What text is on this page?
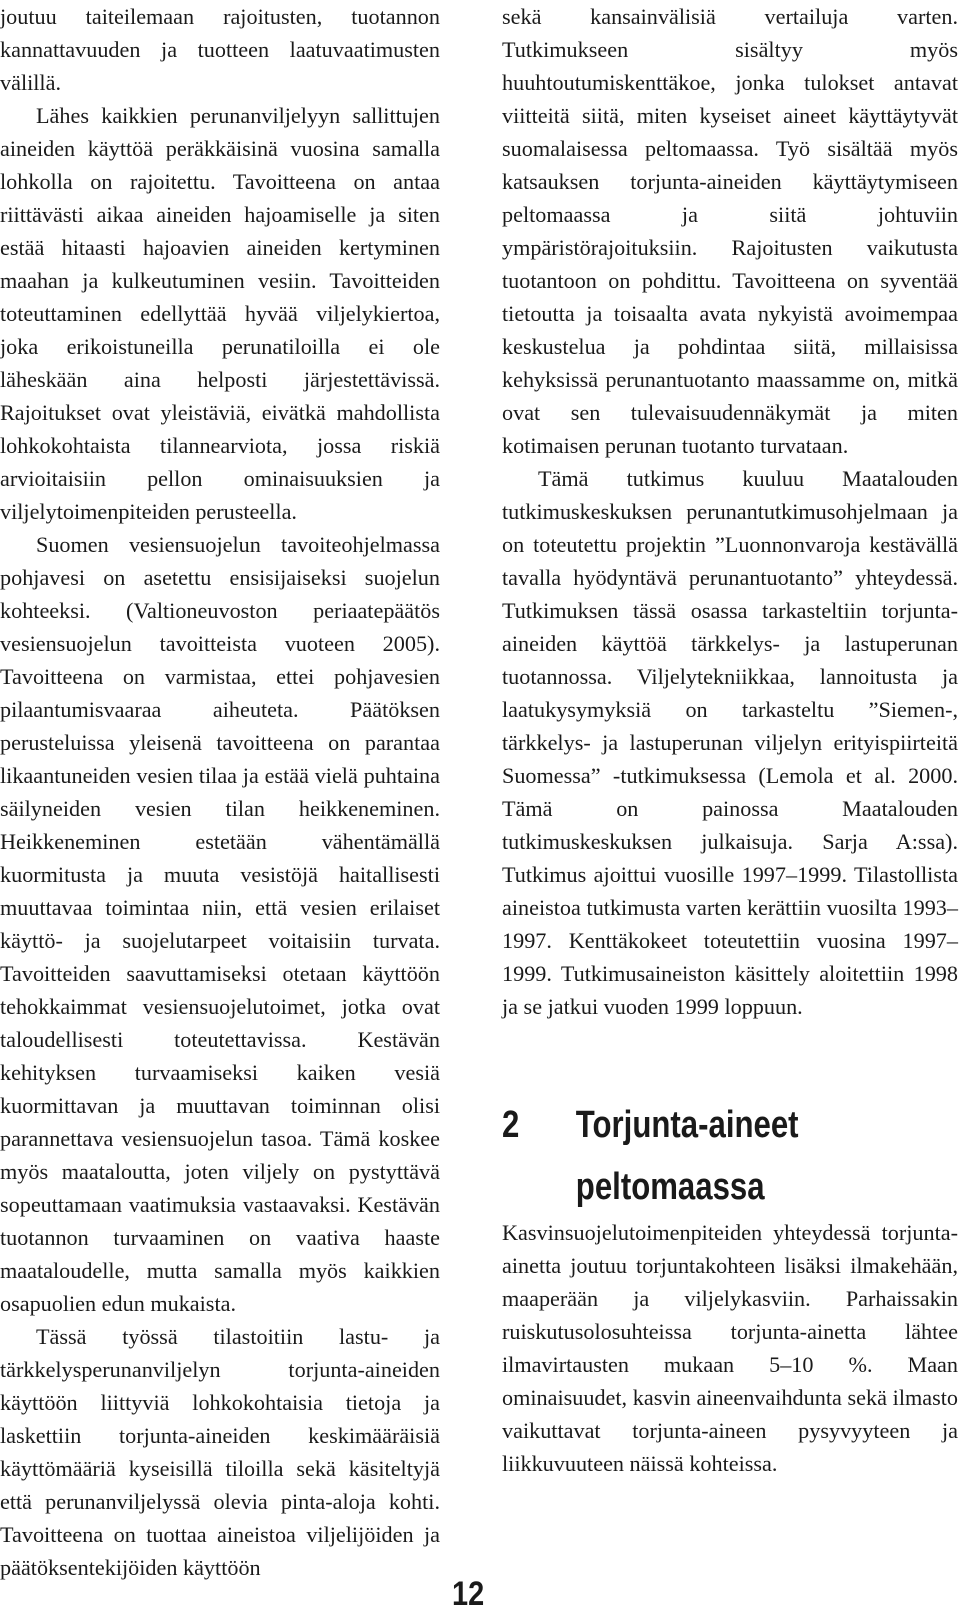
joutuu taiteilemaan rajoitusten, tuotannon kannattavuuden ja tuotteen laatuvaatimusten välillä.

Lähes kaikkien perunanviljelyyn sallittujen aineiden käyttöä peräkkäisinä vuosina samalla lohkolla on rajoitettu. Tavoitteena on antaa riittävästi aikaa aineiden hajoamiselle ja siten estää hitaasti hajoavien aineiden kertyminen maahan ja kulkeutuminen vesiin. Tavoitteiden toteuttaminen edellyttää hyvää viljelykiertoa, joka erikoistuneilla perunatiloilla ei ole läheskään aina helposti järjestettävissä. Rajoitukset ovat yleistäviä, eivätkä mahdollista lohkokohtaista tilannearviota, jossa riskiä arvioitaisiin pellon ominaisuuksien ja viljelytoimenpiteiden perusteella.

Suomen vesiensuojelun tavoiteohjelmassa pohjavesi on asetettu ensisijaiseksi suojelun kohteeksi. (Valtioneuvoston periaatepäätös vesiensuojelun tavoitteista vuoteen 2005). Tavoitteena on varmistaa, ettei pohjavesien pilaantumisvaaraa aiheuteta. Päätöksen perusteluissa yleisenä tavoitteena on parantaa likaantuneiden vesien tilaa ja estää vielä puhtaina säilyneiden vesien tilan heikkeneminen. Heikkeneminen estetään vähentämällä kuormitusta ja muuta vesistöjä haitallisesti muuttavaa toimintaa niin, että vesien erilaiset käyttö- ja suojelutarpeet voitaisiin turvata. Tavoitteiden saavuttamiseksi otetaan käyttöön tehokkaimmat vesiensuojelutoimet, jotka ovat taloudellisesti toteutettavissa. Kestävän kehityksen turvaamiseksi kaiken vesiä kuormittavan ja muuttavan toiminnan olisi parannettava vesiensuojelun tasoa. Tämä koskee myös maataloutta, joten viljely on pystyttävä sopeuttamaan vaatimuksia vastaavaksi. Kestävän tuotannon turvaaminen on vaativa haaste maataloudelle, mutta samalla myös kaikkien osapuolien edun mukaista.

Tässä työssä tilastoitiin lastu- ja tärkkelysperunanviljelyn torjunta-aineiden käyttöön liittyviä lohkokohtaisia tietoja ja laskettiin torjunta-aineiden keskimääräisiä käyttömääriä kyseisillä tiloilla sekä käsiteltyjä että perunanviljelyssä olevia pinta-aloja kohti. Tavoitteena on tuottaa aineistoa viljelijöiden ja päätöksentekijöiden käyttöön

sekä kansainvälisiä vertailuja varten. Tutkimukseen sisältyy myös huuhtoutumiskenttäkoe, jonka tulokset antavat viitteitä siitä, miten kyseiset aineet käyttäytyvät suomalaisessa peltomaassa. Työ sisältää myös katsauksen torjunta-aineiden käyttäytymiseen peltomaassa ja siitä johtuviin ympäristörajoituksiin. Rajoitusten vaikutusta tuotantoon on pohdittu. Tavoitteena on syventää tietoutta ja toisaalta avata nykyistä avoimempaa keskustelua ja pohdintaa siitä, millaisissa kehyksissä perunantuotanto maassamme on, mitkä ovat sen tulevaisuudennäkymät ja miten kotimaisen perunan tuotanto turvataan.

Tämä tutkimus kuuluu Maatalouden tutkimuskeskuksen perunantutkimusohjelmaan ja on toteutettu projektin ”Luonnonvaroja kestävällä tavalla hyödyntävä perunantuotanto” yhteydessä. Tutkimuksen tässä osassa tarkasteltiin torjunta-aineiden käyttöä tärkkelys- ja lastuperunan tuotannossa. Viljelytekniikkaa, lannoitusta ja laatukysymyksiä on tarkasteltu ”Siemen-, tärkkelys- ja lastuperunan viljelyn erityispiirteitä Suomessa” -tutkimuksessa (Lemola et al. 2000. Tämä on painossa Maatalouden tutkimuskeskuksen julkaisuja. Sarja A:ssa). Tutkimus ajoittui vuosille 1997–1999. Tilastollista aineistoa tutkimusta varten kerättiin vuosilta 1993–1997. Kenttäkokeet toteutettiin vuosina 1997– 1999. Tutkimusaineiston käsittely aloitettiin 1998 ja se jatkui vuoden 1999 loppuun.

2 Torjunta-aineet
peltomaassa

Kasvinsuojelutoimenpiteiden yhteydessä torjunta-ainetta joutuu torjuntakohteen lisäksi ilmakehään, maaperään ja viljelykasviin. Parhaissakin ruiskutusolosuhteissa torjunta-ainetta lähtee ilmavirtausten mukaan 5–10 %. Maan ominaisuudet, kasvin aineenvaihdunta sekä ilmasto vaikuttavat torjunta-aineen pysyvyyteen ja liikkuvuuteen näissä kohteissa.

12
